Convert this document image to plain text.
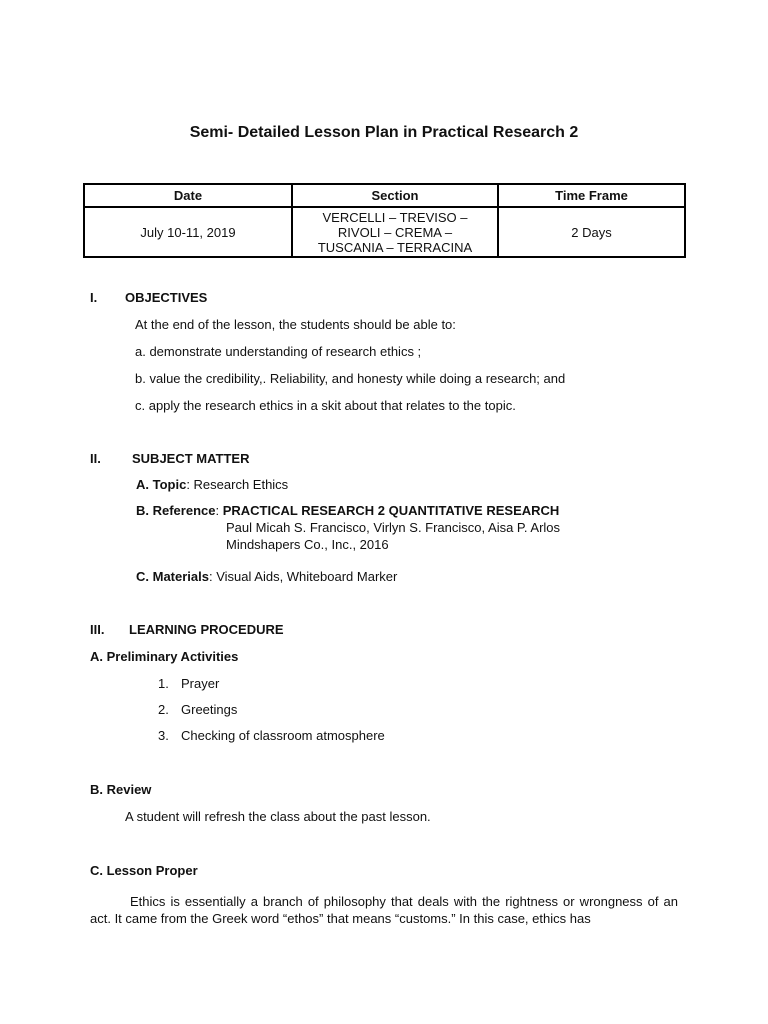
Semi- Detailed Lesson Plan in Practical Research 2
Date	Section	Time Frame
July 10-11, 2019	VERCELLI – TREVISO –
RIVOLI – CREMA –
TUSCANIA – TERRACINA	2 Days
I. OBJECTIVES
At the end of the lesson, the students should be able to:
a. demonstrate understanding of research ethics ;
b. value the credibility,. Reliability, and honesty while doing a research; and
c. apply the research ethics in a skit about that relates to the topic.
II. SUBJECT MATTER
A. Topic: Research Ethics
B. Reference: PRACTICAL RESEARCH 2 QUANTITATIVE RESEARCH
Paul Micah S. Francisco, Virlyn S. Francisco, Aisa P. Arlos
Mindshapers Co., Inc., 2016
C. Materials: Visual Aids, Whiteboard Marker
III. LEARNING PROCEDURE
A. Preliminary Activities
1. Prayer
2. Greetings
3. Checking of classroom atmosphere
B. Review
A student will refresh the class about the past lesson.
C. Lesson Proper
Ethics is essentially a branch of philosophy that deals with the rightness or wrongness of an act. It came from the Greek word “ethos” that means “customs.” In this case, ethics has
